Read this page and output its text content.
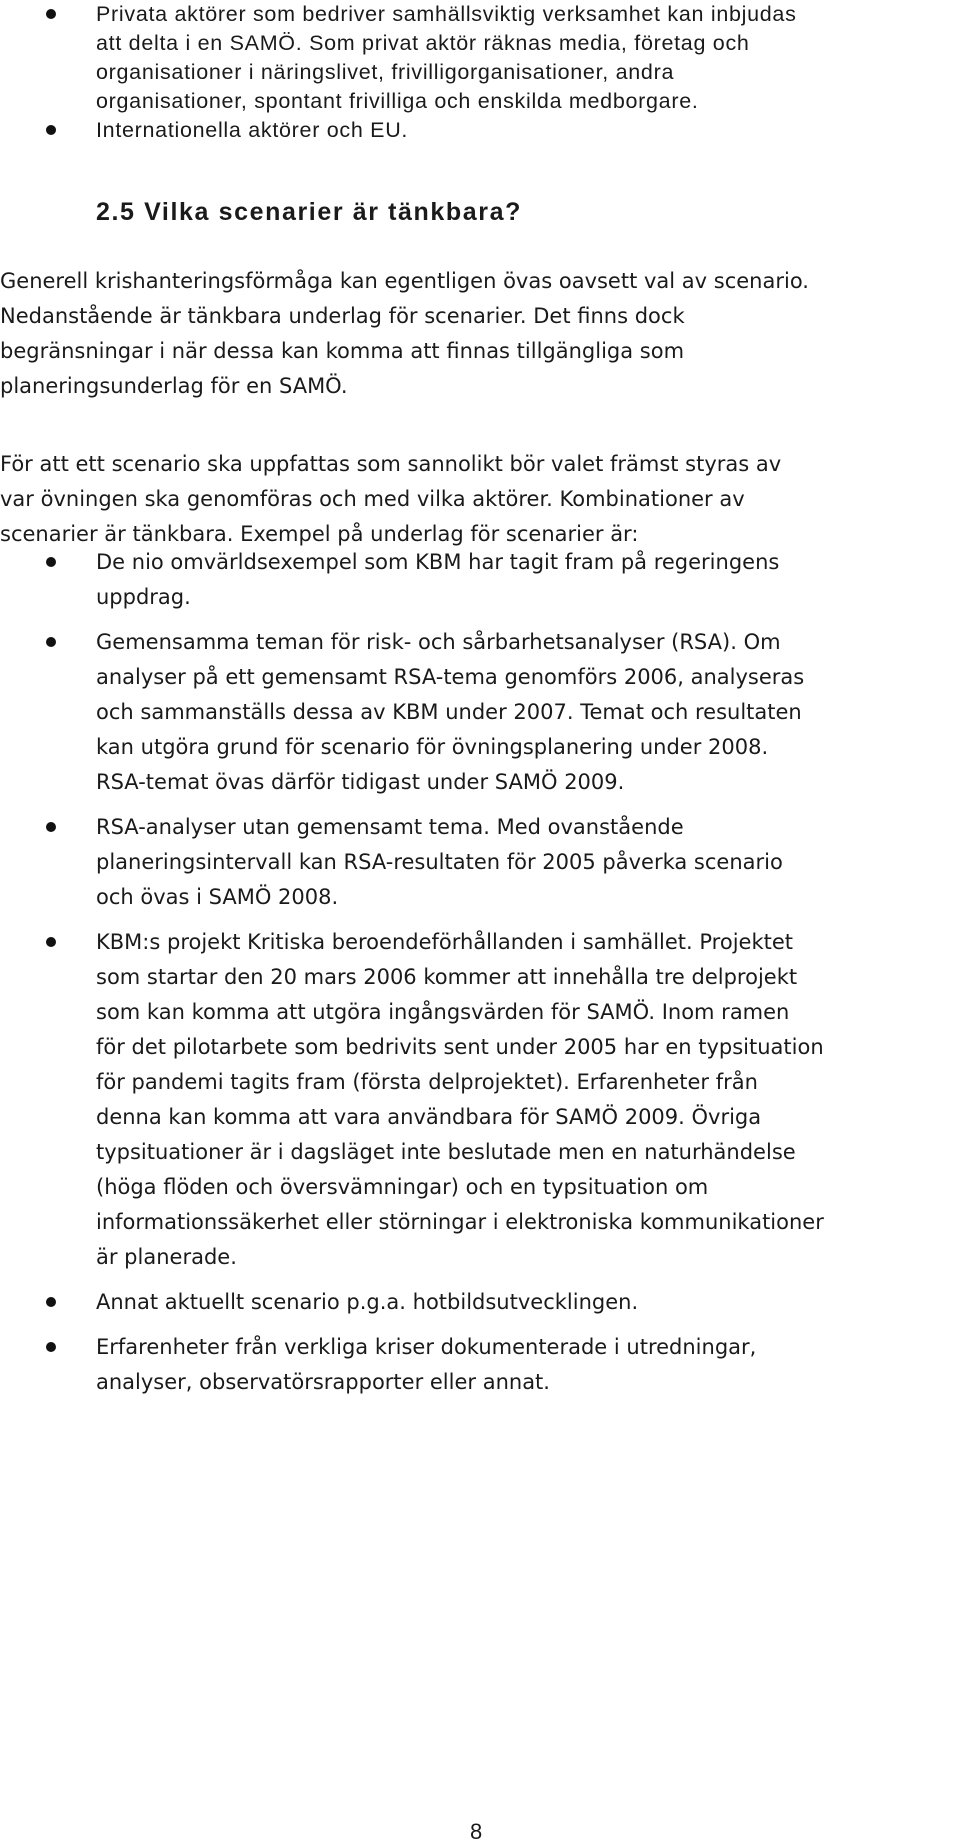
Privata aktörer som bedriver samhällsviktig verksamhet kan inbjudas
att delta i en SAMÖ. Som privat aktör räknas media, företag och
organisationer i näringslivet, frivilligorganisationer, andra
organisationer, spontant frivilliga och enskilda medborgare.
Internationella aktörer och EU.
2.5 Vilka scenarier är tänkbara?

Generell krishanteringsförmåga kan egentligen övas oavsett val av scenario.
Nedanstående är tänkbara underlag för scenarier. Det finns dock
begränsningar i när dessa kan komma att finnas tillgängliga som
planeringsunderlag för en SAMÖ.

För att ett scenario ska uppfattas som sannolikt bör valet främst styras av
var övningen ska genomföras och med vilka aktörer. Kombinationer av
scenarier är tänkbara. Exempel på underlag för scenarier är:

De nio omvärldsexempel som KBM har tagit fram på regeringens
uppdrag.
Gemensamma teman för risk- och sårbarhetsanalyser (RSA). Om
analyser på ett gemensamt RSA-tema genomförs 2006, analyseras
och sammanställs dessa av KBM under 2007. Temat och resultaten
kan utgöra grund för scenario för övningsplanering under 2008.
RSA-temat övas därför tidigast under SAMÖ 2009.
RSA-analyser utan gemensamt tema. Med ovanstående
planeringsintervall kan RSA-resultaten för 2005 påverka scenario
och övas i SAMÖ 2008.
KBM:s projekt Kritiska beroendeförhållanden i samhället. Projektet
som startar den 20 mars 2006 kommer att innehålla tre delprojekt
som kan komma att utgöra ingångsvärden för SAMÖ. Inom ramen
för det pilotarbete som bedrivits sent under 2005 har en typsituation
för pandemi tagits fram (första delprojektet). Erfarenheter från
denna kan komma att vara användbara för SAMÖ 2009. Övriga
typsituationer är i dagsläget inte beslutade men en naturhändelse
(höga flöden och översvämningar) och en typsituation om
informationssäkerhet eller störningar i elektroniska kommunikationer
är planerade.
Annat aktuellt scenario p.g.a. hotbildsutvecklingen.
Erfarenheter från verkliga kriser dokumenterade i utredningar,
analyser, observatörsrapporter eller annat.
8
